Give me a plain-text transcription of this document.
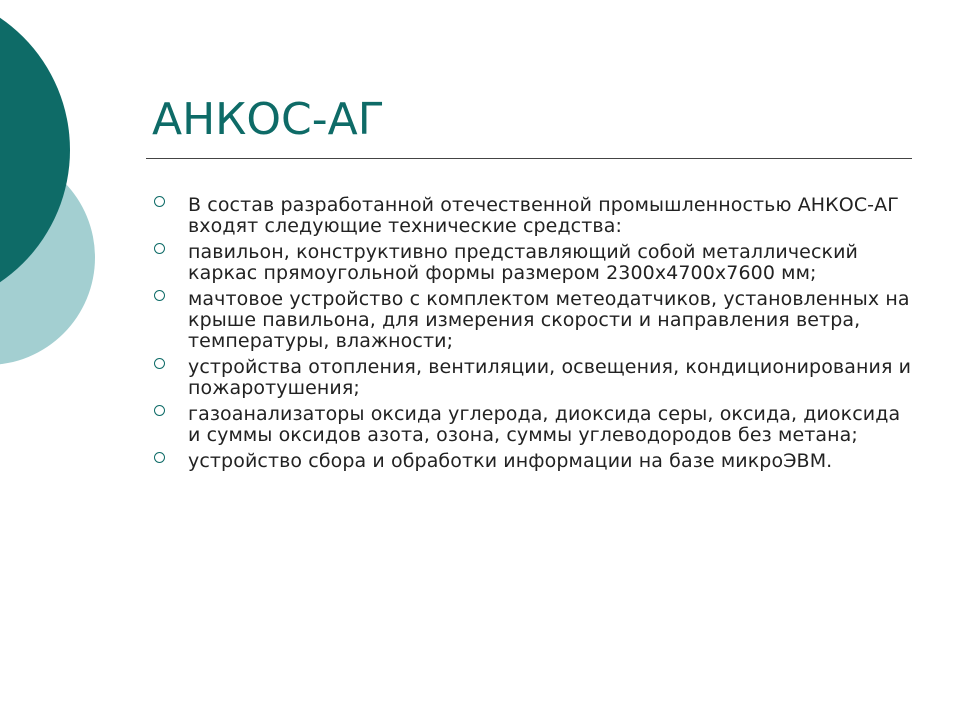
АНКОС-АГ
В состав разработанной отечественной промышленностью АНКОС-АГ входят следующие технические средства:
павильон, конструктивно представляющий собой металлический каркас прямоугольной формы размером 2300х4700х7600 мм;
мачтовое устройство с комплектом метеодатчиков, установленных на крыше павильона, для измерения скорости и направления ветра, температуры, влажности;
устройства отопления, вентиляции, освещения, кондиционирования и пожаротушения;
газоанализаторы оксида углерода, диоксида серы, оксида, диоксида и суммы оксидов азота, озона, суммы углеводородов без метана;
устройство сбора и обработки информации на базе микроЭВМ.
